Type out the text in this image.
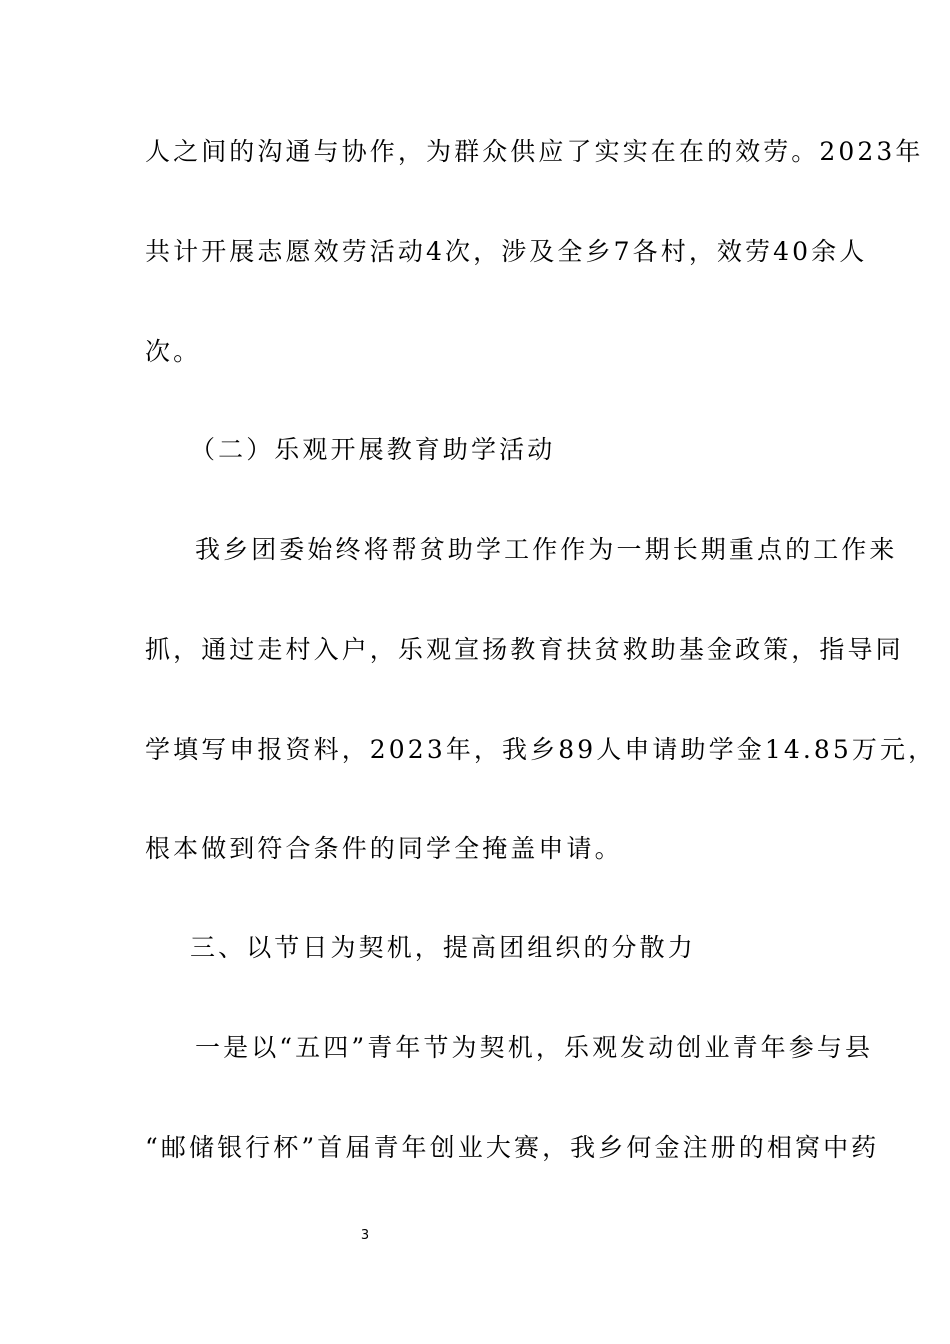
人之间的沟通与协作，为群众供应了实实在在的效劳。2023年
共计开展志愿效劳活动4次，涉及全乡7各村，效劳40余人
次。
（二）乐观开展教育助学活动
我乡团委始终将帮贫助学工作作为一期长期重点的工作来
抓，通过走村入户，乐观宣扬教育扶贫救助基金政策，指导同
学填写申报资料，2023年，我乡89人申请助学金14.85万元，
根本做到符合条件的同学全掩盖申请。
三、以节日为契机，提高团组织的分散力
一是以“五四”青年节为契机，乐观发动创业青年参与县
“邮储银行杯”首届青年创业大赛，我乡何金注册的相窝中药
3
